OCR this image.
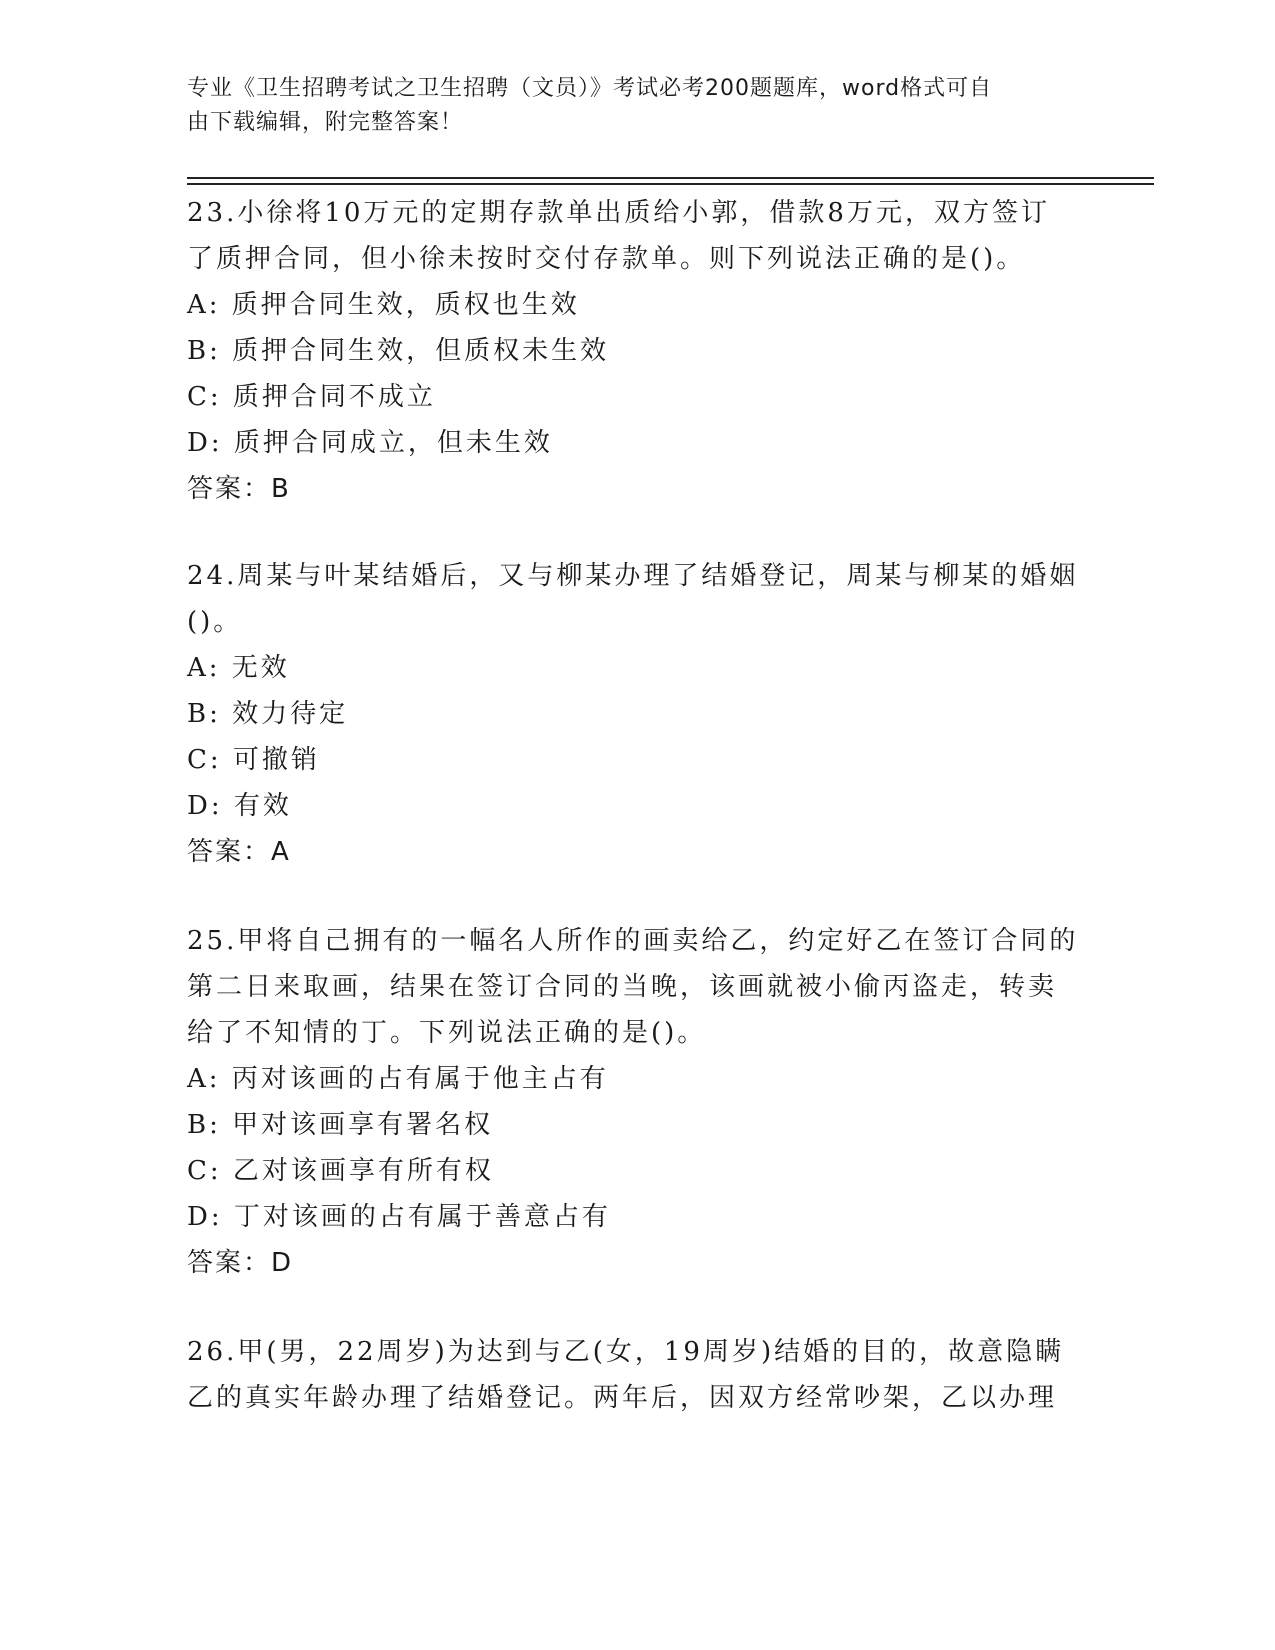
专业《卫生招聘考试之卫生招聘（文员）》考试必考200题题库，word格式可自
由下载编辑，附完整答案！

23.小徐将10万元的定期存款单出质给小郭，借款8万元，双方签订

了质押合同，但小徐未按时交付存款单。则下列说法正确的是()。

A: 质押合同生效，质权也生效

B: 质押合同生效，但质权未生效

C: 质押合同不成立

D: 质押合同成立，但未生效

答案：B

24.周某与叶某结婚后，又与柳某办理了结婚登记，周某与柳某的婚姻

()。

A: 无效

B: 效力待定

C: 可撤销

D: 有效

答案：A

25.甲将自己拥有的一幅名人所作的画卖给乙，约定好乙在签订合同的

第二日来取画，结果在签订合同的当晚，该画就被小偷丙盗走，转卖

给了不知情的丁。下列说法正确的是()。

A: 丙对该画的占有属于他主占有

B: 甲对该画享有署名权

C: 乙对该画享有所有权

D: 丁对该画的占有属于善意占有

答案：D

26.甲(男，22周岁)为达到与乙(女，19周岁)结婚的目的，故意隐瞒

乙的真实年龄办理了结婚登记。两年后，因双方经常吵架，乙以办理
